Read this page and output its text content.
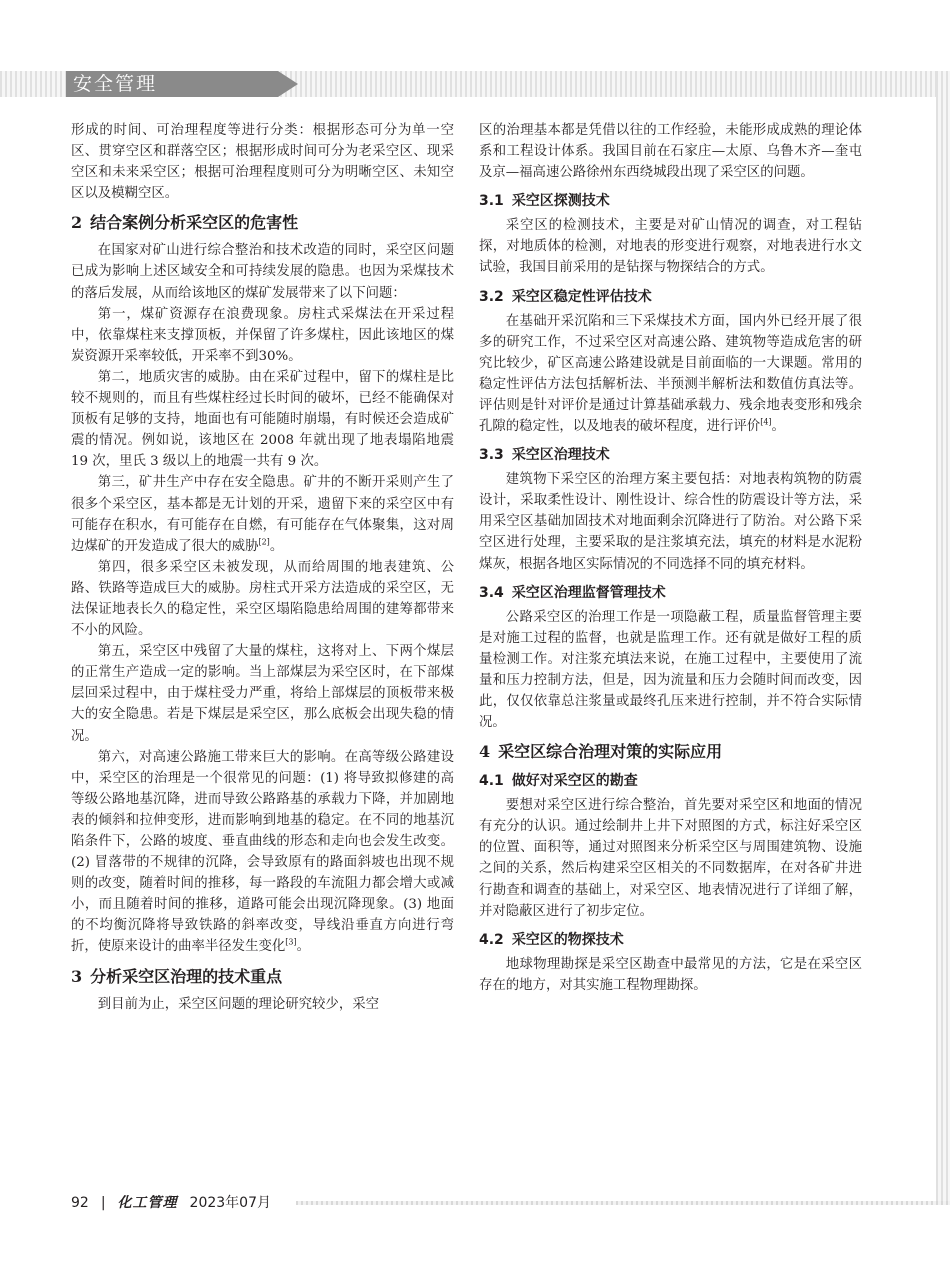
安全管理

形成的时间、可治理程度等进行分类：根据形态可分为单一空区、贯穿空区和群落空区；根据形成时间可分为老采空区、现采空区和未来采空区；根据可治理程度则可分为明晰空区、未知空区以及模糊空区。

2 结合案例分析采空区的危害性

在国家对矿山进行综合整治和技术改造的同时，采空区问题已成为影响上述区域安全和可持续发展的隐患。也因为采煤技术的落后发展，从而给该地区的煤矿发展带来了以下问题：

第一，煤矿资源存在浪费现象。房柱式采煤法在开采过程中，依靠煤柱来支撑顶板，并保留了许多煤柱，因此该地区的煤炭资源开采率较低，开采率不到30%。

第二，地质灾害的威胁。由在采矿过程中，留下的煤柱是比较不规则的，而且有些煤柱经过长时间的破坏，已经不能确保对顶板有足够的支持，地面也有可能随时崩塌，有时候还会造成矿震的情况。例如说，该地区在 2008 年就出现了地表塌陷地震 19 次，里氏 3 级以上的地震一共有 9 次。

第三，矿井生产中存在安全隐患。矿井的不断开采则产生了很多个采空区，基本都是无计划的开采，遗留下来的采空区中有可能存在积水，有可能存在自燃，有可能存在气体聚集，这对周边煤矿的开发造成了很大的威胁[2]。

第四，很多采空区未被发现，从而给周围的地表建筑、公路、铁路等造成巨大的威胁。房柱式开采方法造成的采空区，无法保证地表长久的稳定性，采空区塌陷隐患给周围的建筹都带来不小的风险。

第五，采空区中残留了大量的煤柱，这将对上、下两个煤层的正常生产造成一定的影响。当上部煤层为采空区时，在下部煤层回采过程中，由于煤柱受力严重，将给上部煤层的顶板带来极大的安全隐患。若是下煤层是采空区，那么底板会出现失稳的情况。

第六，对高速公路施工带来巨大的影响。在高等级公路建设中，采空区的治理是一个很常见的问题：(1) 将导致拟修建的高等级公路地基沉降，进而导致公路路基的承载力下降，并加剧地表的倾斜和拉伸变形，进而影响到地基的稳定。在不同的地基沉陷条件下，公路的坡度、垂直曲线的形态和走向也会发生改变。(2) 冒落带的不规律的沉降，会导致原有的路面斜坡也出现不规则的改变，随着时间的推移，每一路段的车流阻力都会增大或减小，而且随着时间的推移，道路可能会出现沉降现象。(3) 地面的不均衡沉降将导致铁路的斜率改变，导线沿垂直方向进行弯折，使原来设计的曲率半径发生变化[3]。

3 分析采空区治理的技术重点

到目前为止，采空区问题的理论研究较少，采空

区的治理基本都是凭借以往的工作经验，未能形成成熟的理论体系和工程设计体系。我国目前在石家庄—太原、乌鲁木齐—奎屯及京—福高速公路徐州东西绕城段出现了采空区的问题。

3.1 采空区探测技术

采空区的检测技术，主要是对矿山情况的调查，对工程钻探，对地质体的检测，对地表的形变进行观察，对地表进行水文试验，我国目前采用的是钻探与物探结合的方式。

3.2 采空区稳定性评估技术

在基础开采沉陷和三下采煤技术方面，国内外已经开展了很多的研究工作，不过采空区对高速公路、建筑物等造成危害的研究比较少，矿区高速公路建设就是目前面临的一大课题。常用的稳定性评估方法包括解析法、半预测半解析法和数值仿真法等。评估则是针对评价是通过计算基础承载力、残余地表变形和残余孔隙的稳定性，以及地表的破坏程度，进行评价[4]。

3.3 采空区治理技术

建筑物下采空区的治理方案主要包括：对地表构筑物的防震设计，采取柔性设计、刚性设计、综合性的防震设计等方法，采用采空区基础加固技术对地面剩余沉降进行了防治。对公路下采空区进行处理，主要采取的是注浆填充法，填充的材料是水泥粉煤灰，根据各地区实际情况的不同选择不同的填充材料。

3.4 采空区治理监督管理技术

公路采空区的治理工作是一项隐蔽工程，质量监督管理主要是对施工过程的监督，也就是监理工作。还有就是做好工程的质量检测工作。对注浆充填法来说，在施工过程中，主要使用了流量和压力控制方法，但是，因为流量和压力会随时间而改变，因此，仅仅依靠总注浆量或最终孔压来进行控制，并不符合实际情况。

4 采空区综合治理对策的实际应用
4.1 做好对采空区的勘查

要想对采空区进行综合整治，首先要对采空区和地面的情况有充分的认识。通过绘制井上井下对照图的方式，标注好采空区的位置、面积等，通过对照图来分析采空区与周围建筑物、设施之间的关系，然后构建采空区相关的不同数据库，在对各矿井进行勘查和调查的基础上，对采空区、地表情况进行了详细了解，并对隐蔽区进行了初步定位。

4.2 采空区的物探技术

地球物理勘探是采空区勘查中最常见的方法，它是在采空区存在的地方，对其实施工程物理勘探。

92 | 化工管理 2023年07月
